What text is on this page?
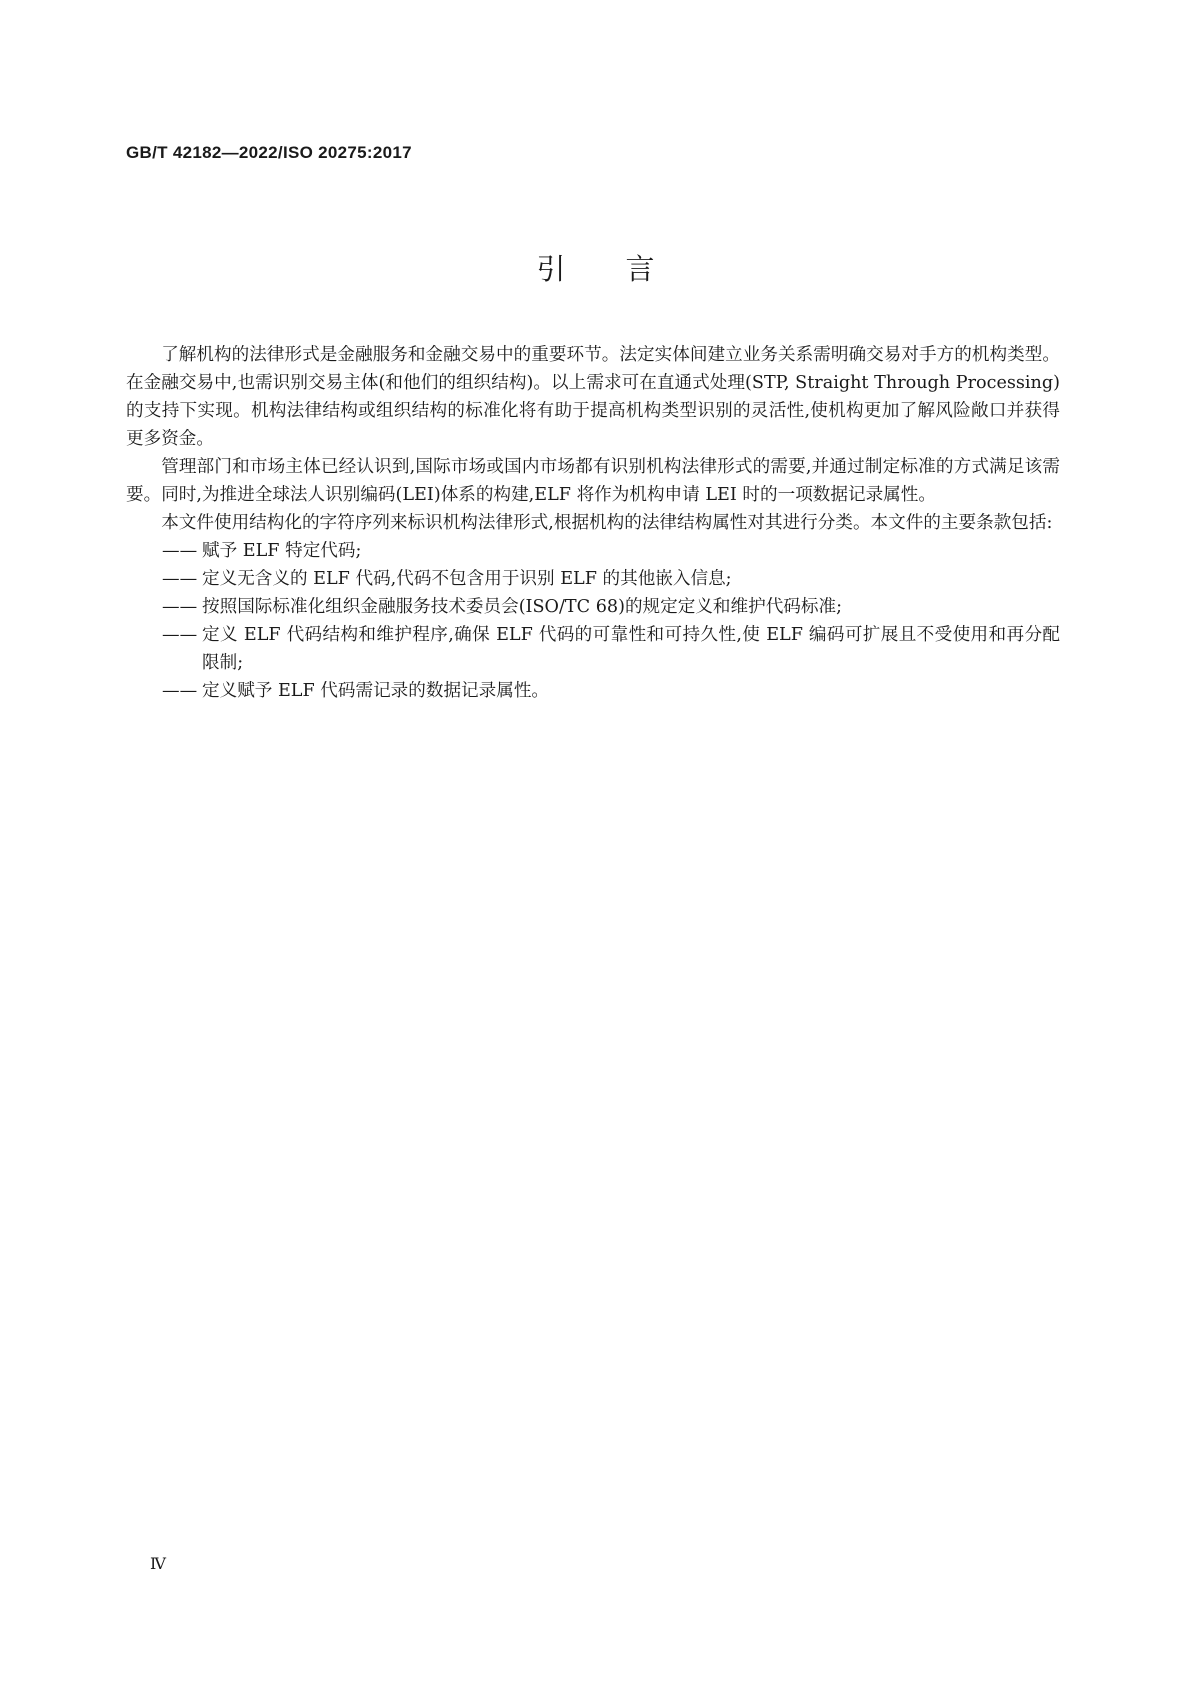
GB/T 42182—2022/ISO 20275:2017
引言

了解机构的法律形式是金融服务和金融交易中的重要环节。法定实体间建立业务关系需明确交易对手方的机构类型。在金融交易中,也需识别交易主体(和他们的组织结构)。以上需求可在直通式处理(STP, Straight Through Processing)的支持下实现。机构法律结构或组织结构的标准化将有助于提高机构类型识别的灵活性,使机构更加了解风险敞口并获得更多资金。

管理部门和市场主体已经认识到,国际市场或国内市场都有识别机构法律形式的需要,并通过制定标准的方式满足该需要。同时,为推进全球法人识别编码(LEI)体系的构建,ELF 将作为机构申请 LEI 时的一项数据记录属性。

本文件使用结构化的字符序列来标识机构法律形式,根据机构的法律结构属性对其进行分类。本文件的主要条款包括:

—— 赋予 ELF 特定代码;
—— 定义无含义的 ELF 代码,代码不包含用于识别 ELF 的其他嵌入信息;
—— 按照国际标准化组织金融服务技术委员会(ISO/TC 68)的规定定义和维护代码标准;
—— 定义 ELF 代码结构和维护程序,确保 ELF 代码的可靠性和可持久性,使 ELF 编码可扩展且不受使用和再分配限制;
—— 定义赋予 ELF 代码需记录的数据记录属性。
Ⅳ
